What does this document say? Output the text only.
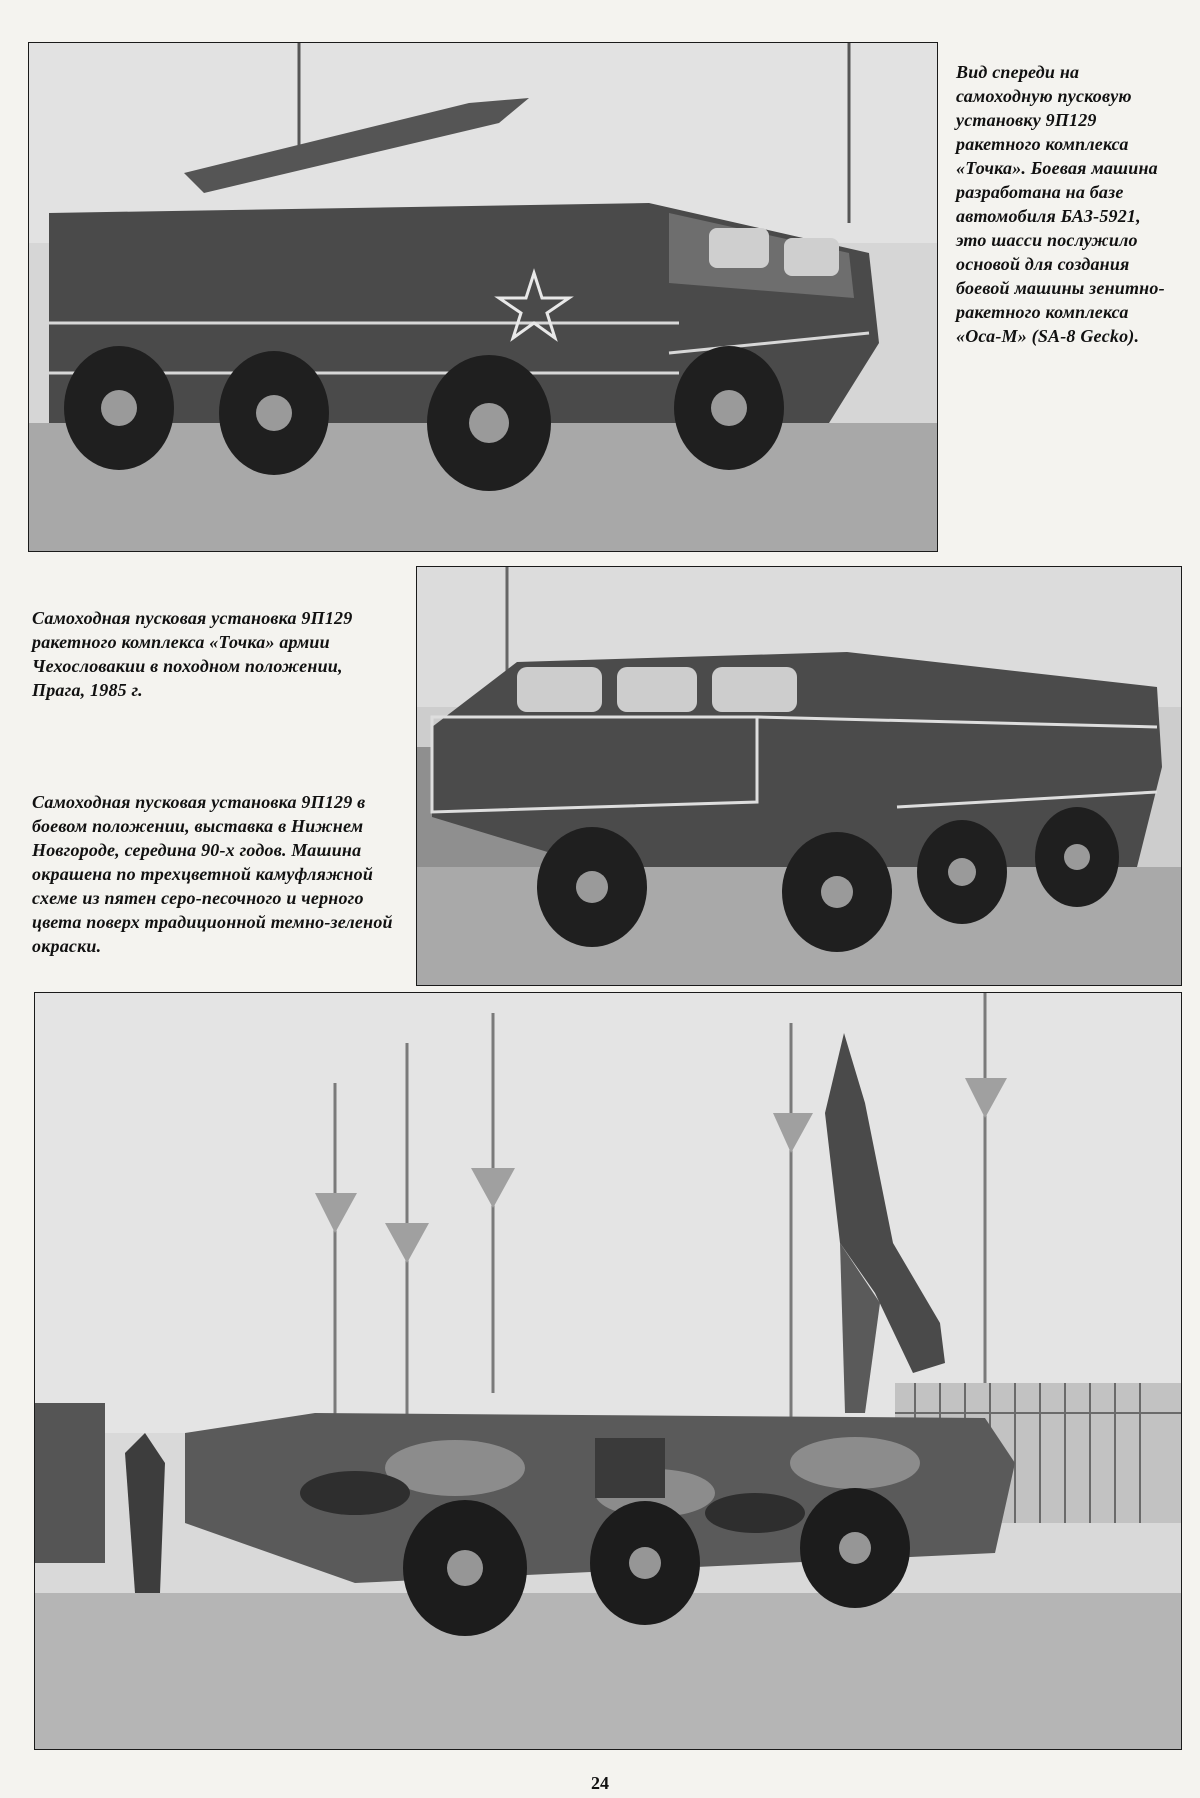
Вид спереди на самоходную пусковую установку 9П129 ракетного комплекса «Точка». Боевая машина разработана на базе автомобиля БАЗ-5921, это шасси послужило основой для создания боевой машины зенитно-ракетного комплекса «Оса-М» (SA-8 Gecko).

Самоходная пусковая установка 9П129 ракетного комплекса «Точка» армии Чехословакии в походном положении, Прага, 1985 г.

Самоходная пусковая установка 9П129 в боевом положении, выставка в Нижнем Новгороде, середина 90-х годов. Машина окрашена по трехцветной камуфляжной схеме из пятен серо-песочного и черного цвета поверх традиционной темно-зеленой окраски.

24
